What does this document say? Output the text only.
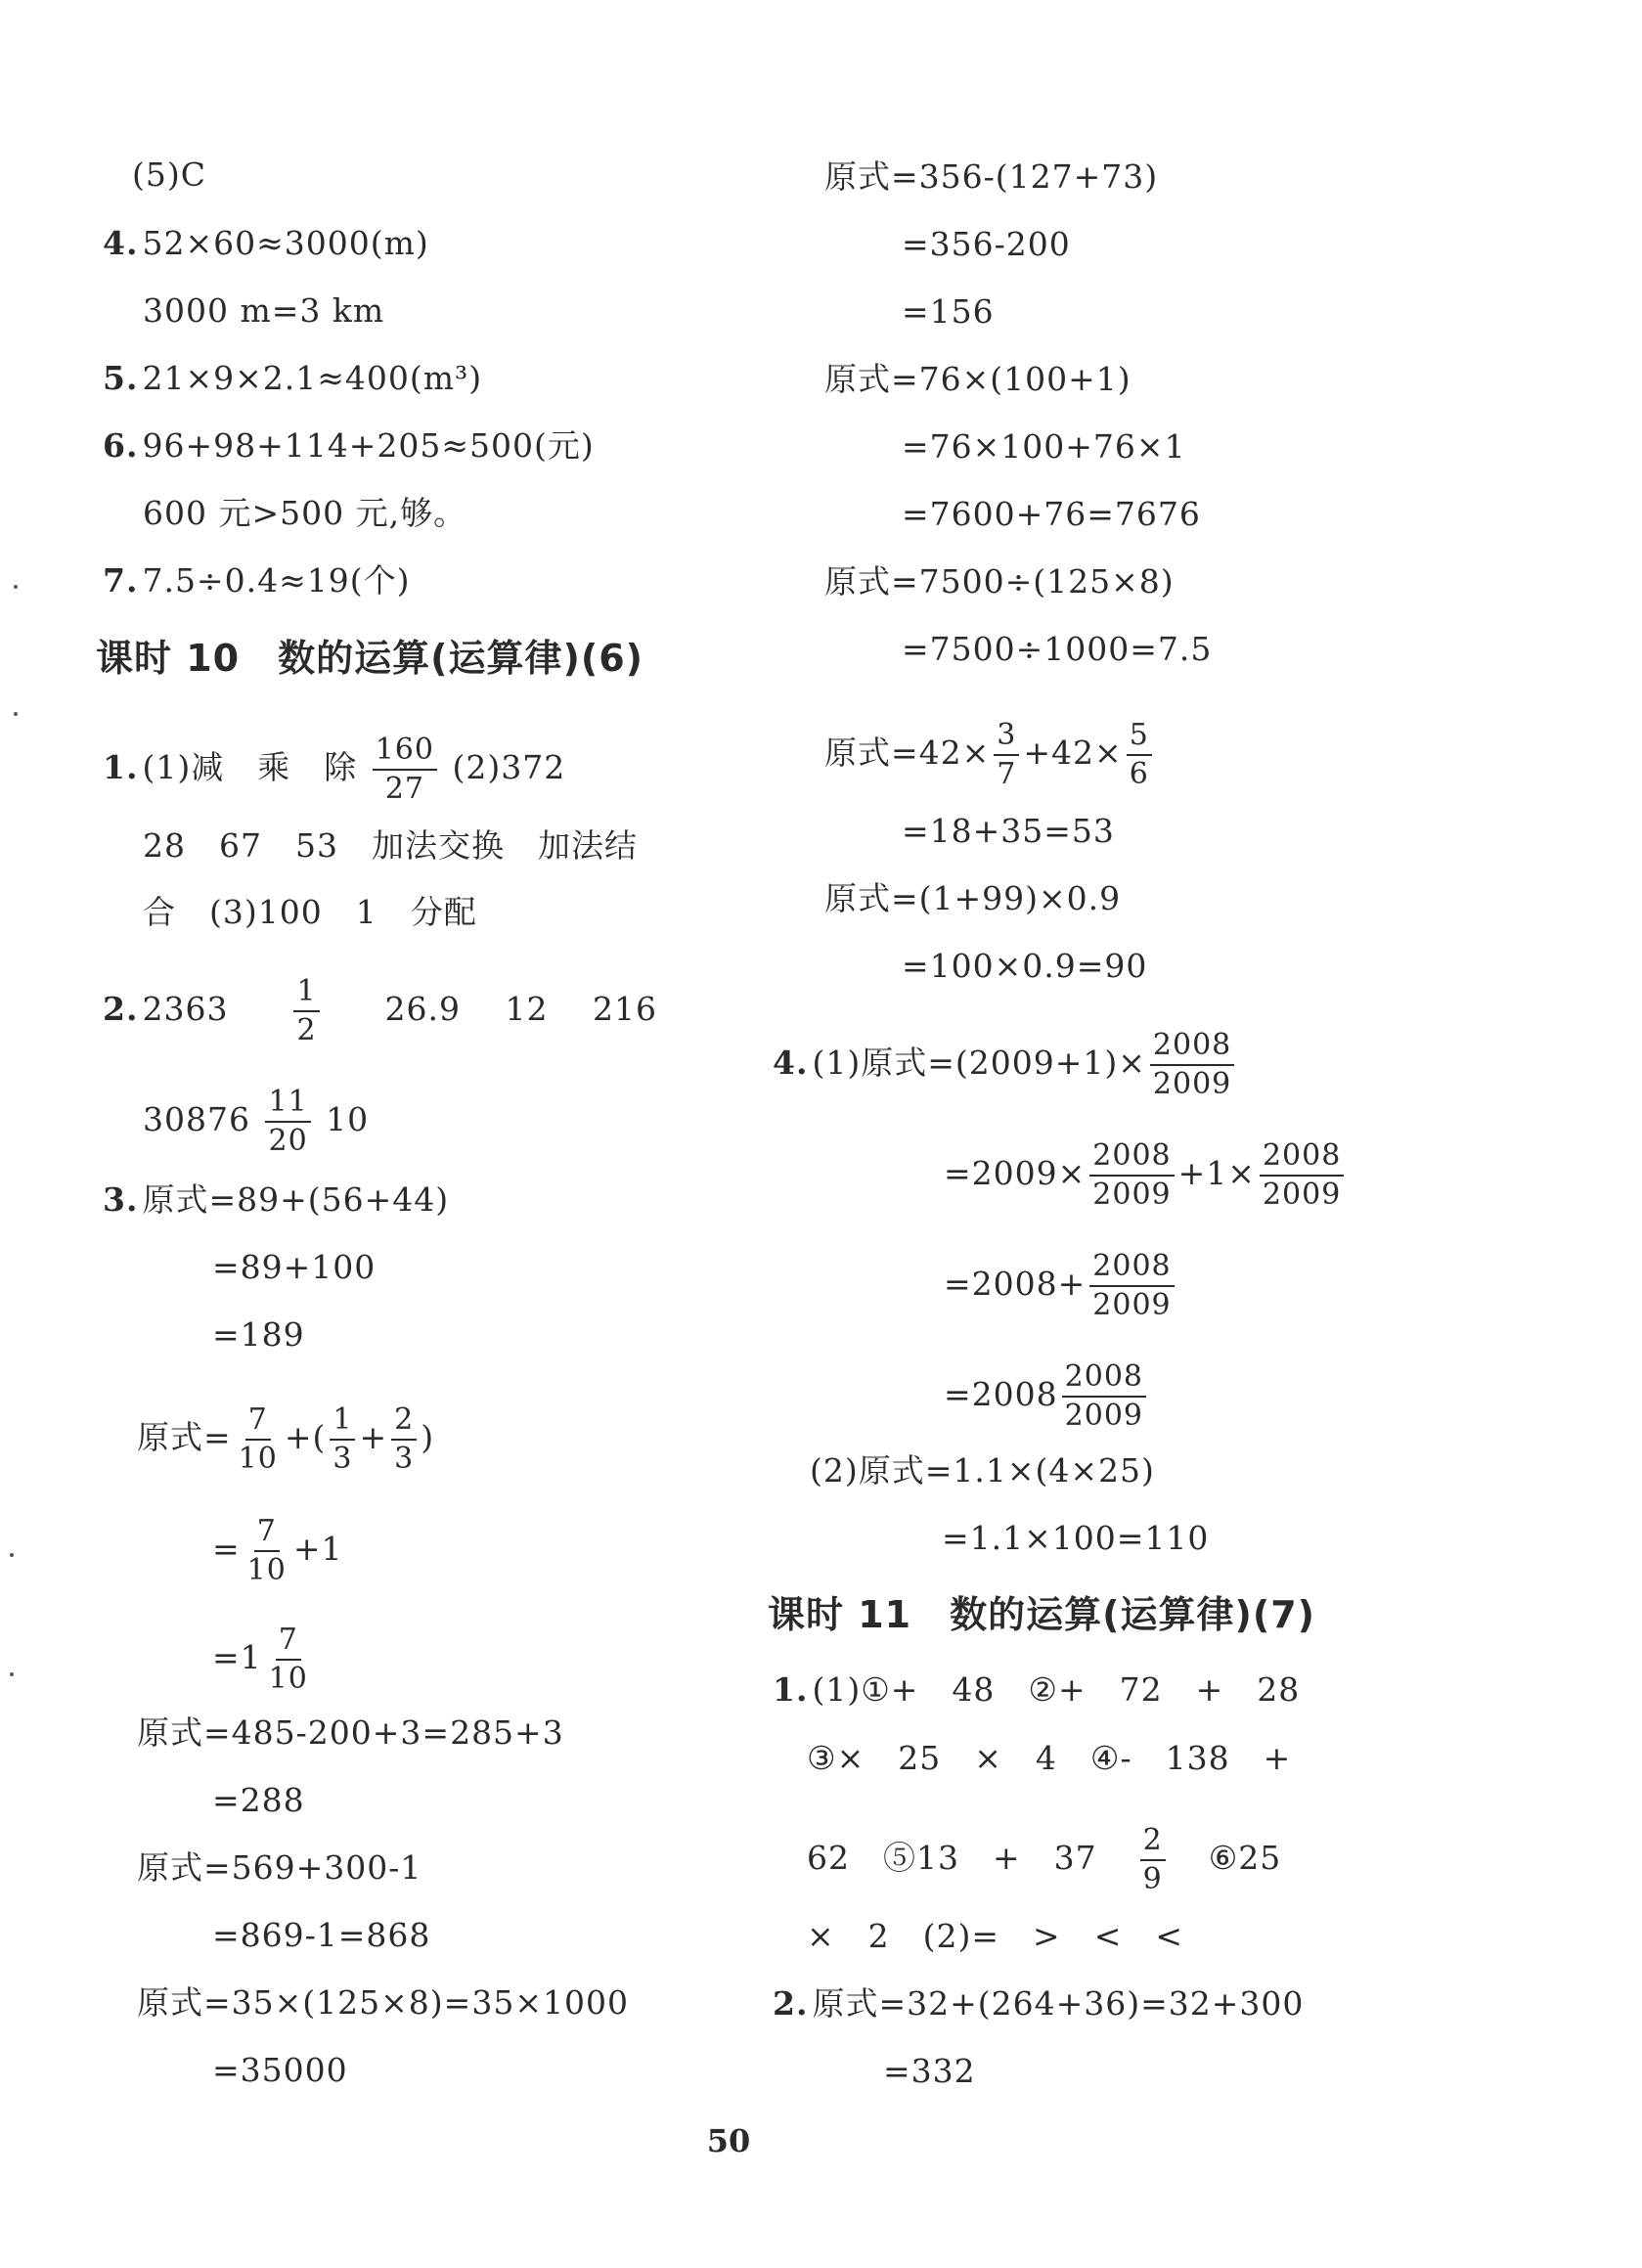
(5)C
4. 52×60≈3000(m)
3000 m=3 km
5. 21×9×2.1≈400(m³)
6. 96+98+114+205≈500(元)
600 元>500 元,够。
7. 7.5÷0.4≈19(个)
课时 10　数的运算(运算律)(6)
1. (1)减　乘　除 $\frac{160}{27} (2)372$
28　67　53　加法交换　加法结
合　(3)100　1　分配
2. $2363 \frac{1}{2} 26.9$　 12　 216
$30876 \frac{11}{20} 10$
3. 原式=89+(56+44)
=89+100
=189
原式= $\frac{7}{10}$ +( $\frac{1}{3} + \frac{2}{3}$ )
= $\frac{7}{10} +1$
$=1 \frac{7}{10}$
原式=485-200+3=285+3
=288
原式=569+300-1
=869-1=868
原式=35×(125×8)=35×1000
=35000
原式=356-(127+73)
=356-200
=156
原式=76×(100+1)
=76×100+76×1
=7600+76=7676
原式=7500÷(125×8)
=7500÷1000=7.5
原式$=42\times \frac{3}{7} +42\times \frac{5}{6}$
=18+35=53
原式=(1+99)×0.9
=100×0.9=90
4. (1)原式$=(2009+1)\times \frac{2008}{2009}$
$=2009\times \frac{2008}{2009} +1\times \frac{2008}{2009}$
$=2008+ \frac{2008}{2009}$
$=2008 \frac{2008}{2009}$
(2)原式=1.1×(4×25)
=1.1×100=110
课时 11　数的运算(运算律)(7)
1. (1)①+　48　②+　72　+　28
③×　25　×　4　④-　138　+
62　⑤13　+　$37 \frac{2}{9}$ ⑥25
×　2　(2)=　>　<　<
2. 原式=32+(264+36)=32+300
=332
50
